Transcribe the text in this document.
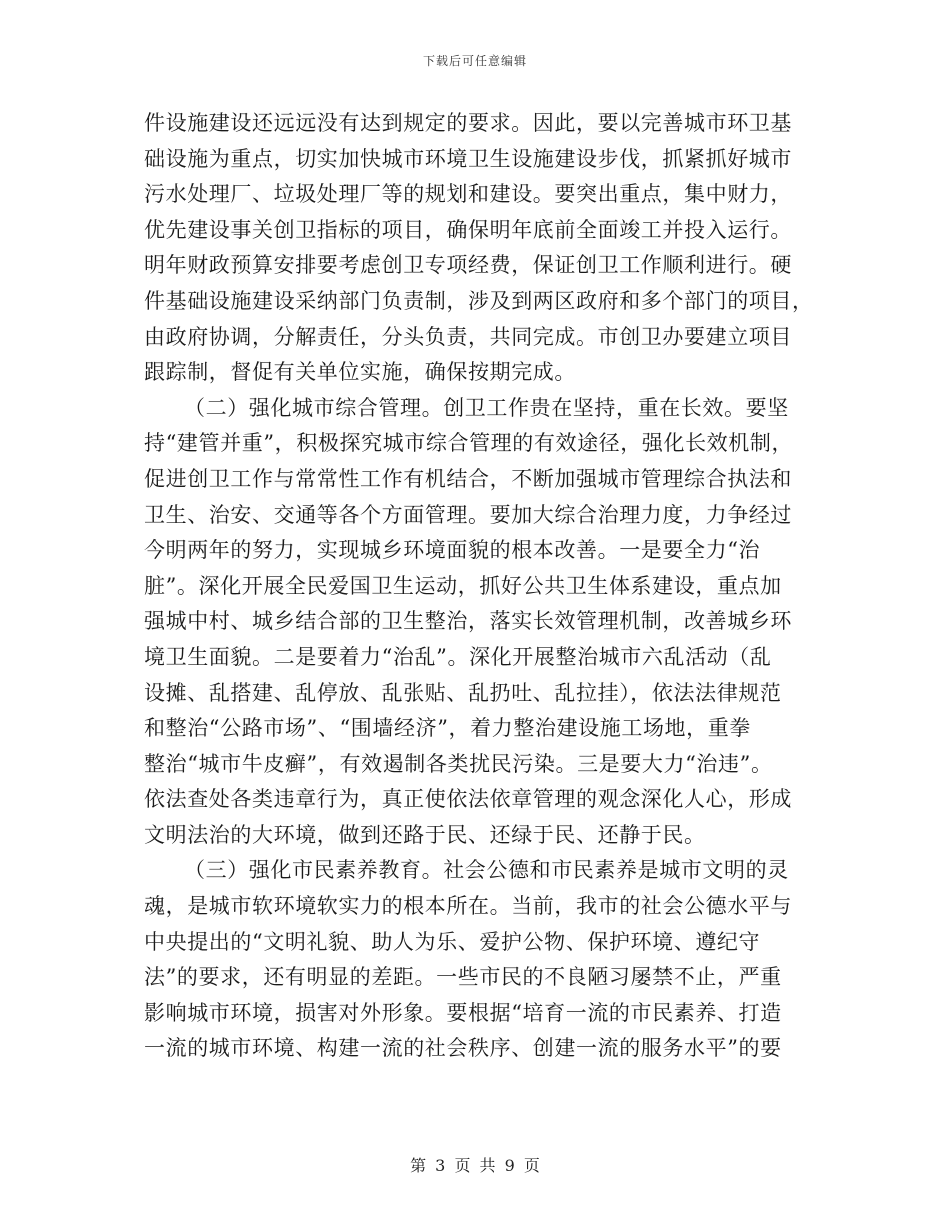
下载后可任意编辑
件设施建设还远远没有达到规定的要求。因此，要以完善城市环卫基
础设施为重点，切实加快城市环境卫生设施建设步伐，抓紧抓好城市
污水处理厂、垃圾处理厂等的规划和建设。要突出重点，集中财力，
优先建设事关创卫指标的项目，确保明年底前全面竣工并投入运行。
明年财政预算安排要考虑创卫专项经费，保证创卫工作顺利进行。硬
件基础设施建设采纳部门负责制，涉及到两区政府和多个部门的项目，
由政府协调，分解责任，分头负责，共同完成。市创卫办要建立项目
跟踪制，督促有关单位实施，确保按期完成。
（二）强化城市综合管理。创卫工作贵在坚持，重在长效。要坚
持“建管并重”，积极探究城市综合管理的有效途径，强化长效机制，
促进创卫工作与常常性工作有机结合，不断加强城市管理综合执法和
卫生、治安、交通等各个方面管理。要加大综合治理力度，力争经过
今明两年的努力，实现城乡环境面貌的根本改善。一是要全力“治
脏”。深化开展全民爱国卫生运动，抓好公共卫生体系建设，重点加
强城中村、城乡结合部的卫生整治，落实长效管理机制，改善城乡环
境卫生面貌。二是要着力“治乱”。深化开展整治城市六乱活动（乱
设摊、乱搭建、乱停放、乱张贴、乱扔吐、乱拉挂），依法法律规范
和整治“公路市场”、“围墙经济”，着力整治建设施工场地，重拳
整治“城市牛皮癣”，有效遏制各类扰民污染。三是要大力“治违”。
依法查处各类违章行为，真正使依法依章管理的观念深化人心，形成
文明法治的大环境，做到还路于民、还绿于民、还静于民。
（三）强化市民素养教育。社会公德和市民素养是城市文明的灵
魂，是城市软环境软实力的根本所在。当前，我市的社会公德水平与
中央提出的“文明礼貌、助人为乐、爱护公物、保护环境、遵纪守
法”的要求，还有明显的差距。一些市民的不良陋习屡禁不止，严重
影响城市环境，损害对外形象。要根据“培育一流的市民素养、打造
一流的城市环境、构建一流的社会秩序、创建一流的服务水平”的要
第 3 页 共 9 页
